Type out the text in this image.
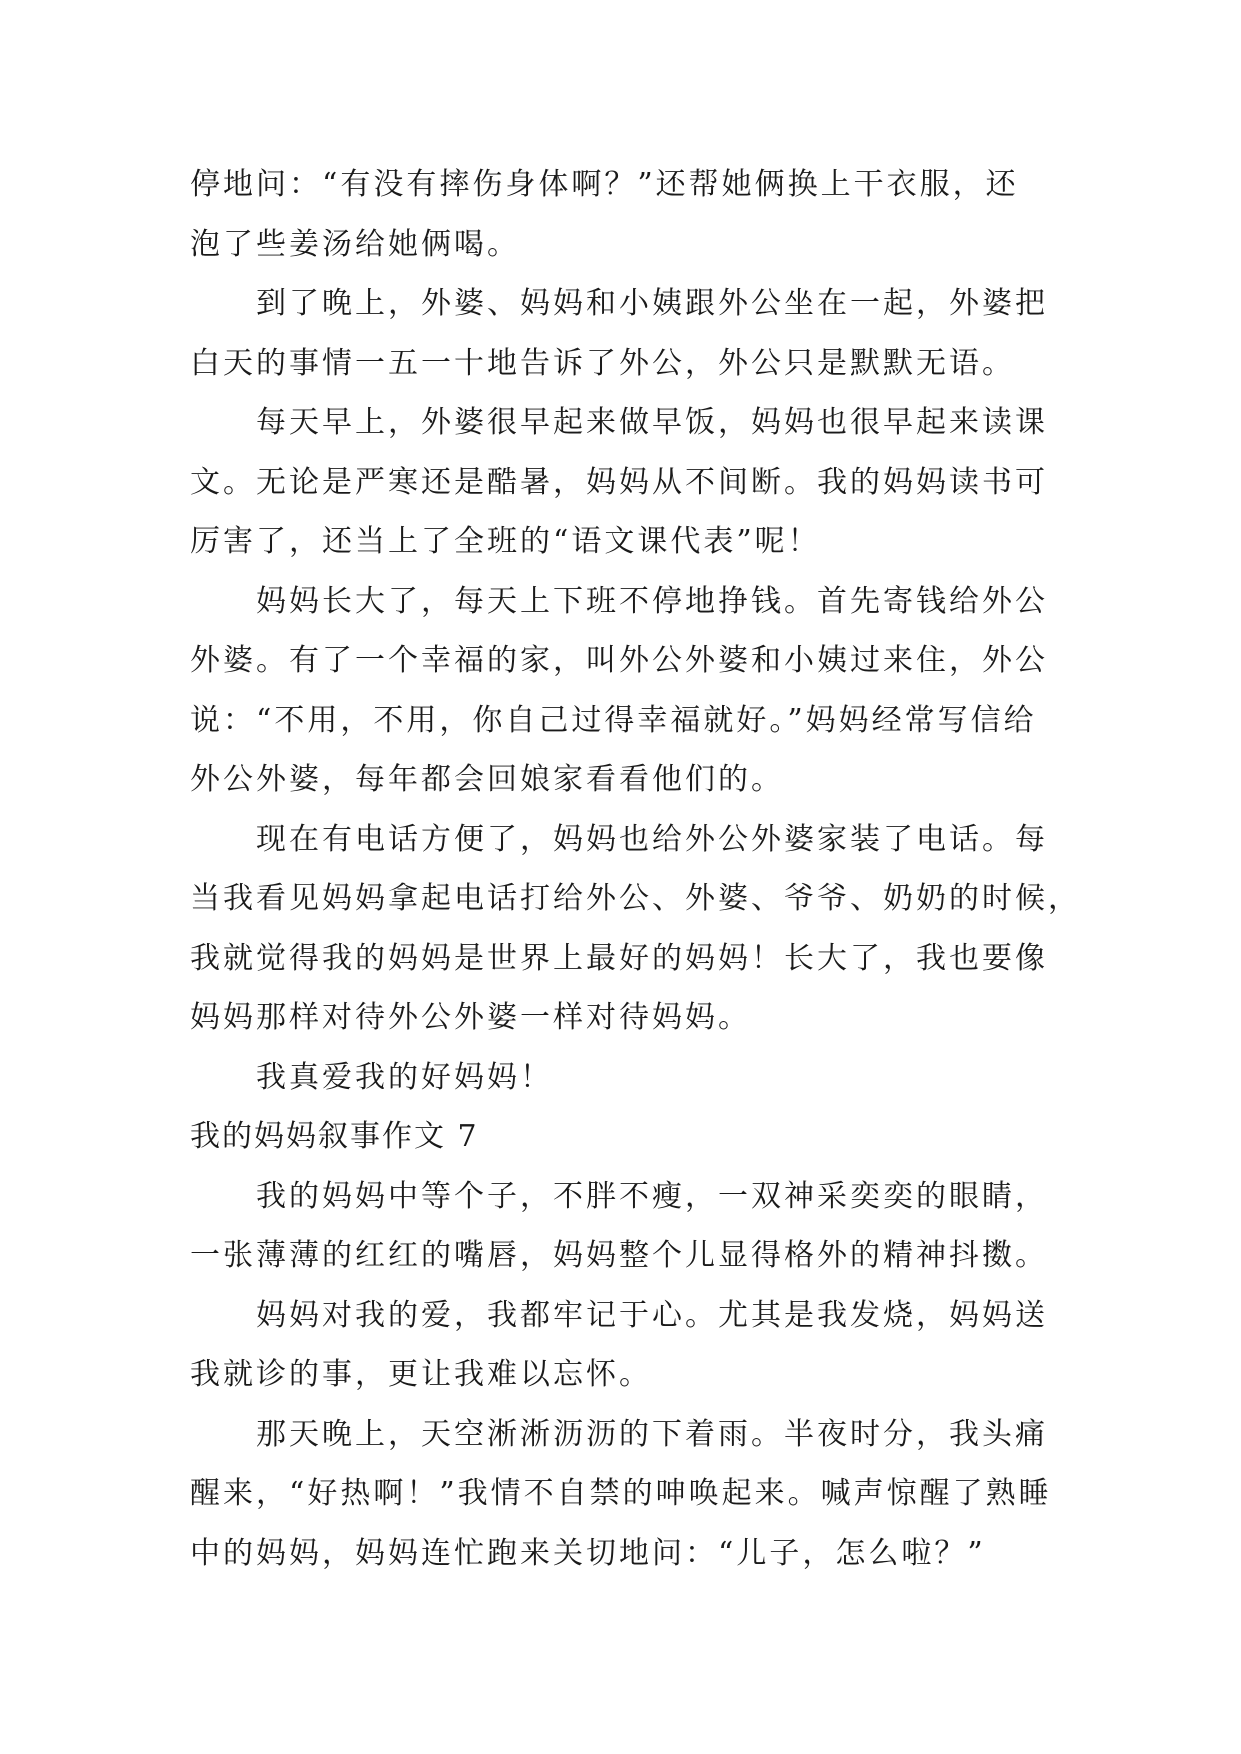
停地问：“有没有摔伤身体啊？”还帮她俩换上干衣服，还
泡了些姜汤给她俩喝。
到了晚上，外婆、妈妈和小姨跟外公坐在一起，外婆把
白天的事情一五一十地告诉了外公，外公只是默默无语。
每天早上，外婆很早起来做早饭，妈妈也很早起来读课
文。无论是严寒还是酷暑，妈妈从不间断。我的妈妈读书可
厉害了，还当上了全班的“语文课代表”呢！
妈妈长大了，每天上下班不停地挣钱。首先寄钱给外公
外婆。有了一个幸福的家，叫外公外婆和小姨过来住，外公
说：“不用，不用，你自己过得幸福就好。”妈妈经常写信给
外公外婆，每年都会回娘家看看他们的。
现在有电话方便了，妈妈也给外公外婆家装了电话。每
当我看见妈妈拿起电话打给外公、外婆、爷爷、奶奶的时候，
我就觉得我的妈妈是世界上最好的妈妈！长大了，我也要像
妈妈那样对待外公外婆一样对待妈妈。
我真爱我的好妈妈！
我的妈妈叙事作文 7
我的妈妈中等个子，不胖不瘦，一双神采奕奕的眼睛，
一张薄薄的红红的嘴唇，妈妈整个儿显得格外的精神抖擞。
妈妈对我的爱，我都牢记于心。尤其是我发烧，妈妈送
我就诊的事，更让我难以忘怀。
那天晚上，天空淅淅沥沥的下着雨。半夜时分，我头痛
醒来，“好热啊！”我情不自禁的呻唤起来。喊声惊醒了熟睡
中的妈妈，妈妈连忙跑来关切地问：“儿子，怎么啦？”
